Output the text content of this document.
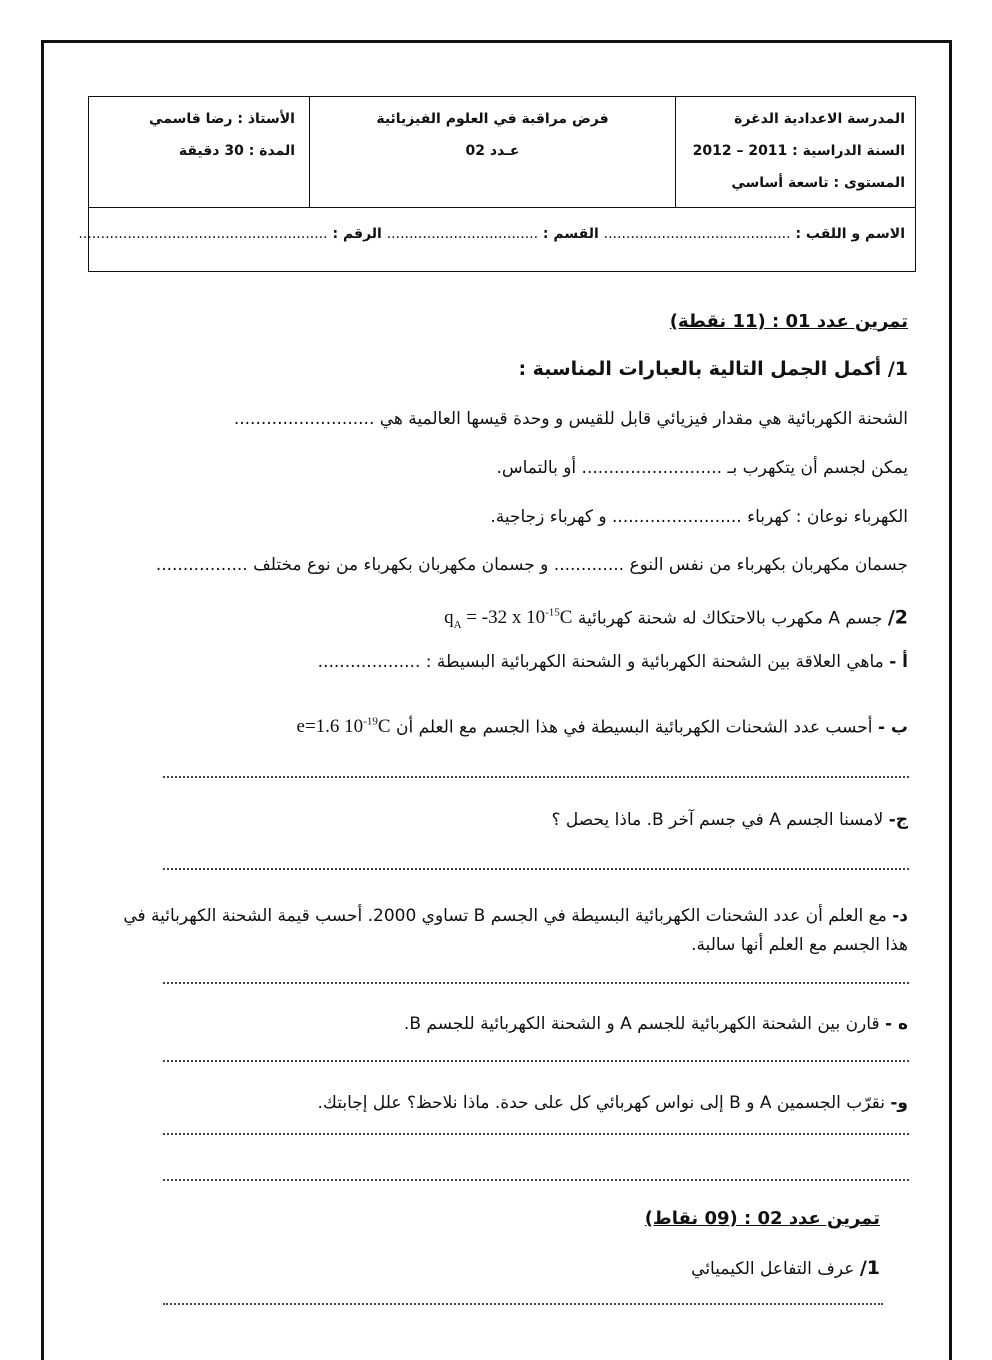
المدرسة الاعدادية الدغرة
السنة الدراسية : 2011 – 2012
المستوى : تاسعة أساسي
فرض مراقبة في العلوم الفيزيائية
عـدد 02
الأستاذ : رضا قاسمي
المدة : 30 دقيقة
الاسم و اللقب : .......................................... القسم : .................................. الرقم : ........................................................
تمرين عدد 01 : (11 نقطة)
1/ أكمل الجمل التالية بالعبارات المناسبة :
الشحنة الكهربائية هي مقدار فيزيائي قابل للقيس و وحدة قيسها العالمية هي ..........................
يمكن لجسم أن يتكهرب بـ .......................... أو بالتماس.
الكهرباء نوعان : كهرباء ........................ و كهرباء زجاجية.
جسمان مكهربان بكهرباء من نفس النوع ............. و جسمان مكهربان بكهرباء من نوع مختلف .................
2/ جسم A مكهرب بالاحتكاك له شحنة كهربائية $q_A = -32$ x $10^{-15}C$
أ - ماهي العلاقة بين الشحنة الكهربائية و الشحنة الكهربائية البسيطة : ...................
ب - أحسب عدد الشحنات الكهربائية البسيطة في هذا الجسم مع العلم أن e=1.6 $10^{-19}C$
ج- لامسنا الجسم A في جسم آخر B. ماذا يحصل ؟
د- مع العلم أن عدد الشحنات الكهربائية البسيطة في الجسم B تساوي 2000. أحسب قيمة الشحنة الكهربائية في
هذا الجسم مع العلم أنها سالبة.
ه - قارن بين الشحنة الكهربائية للجسم A و الشحنة الكهربائية للجسم B.
و- نقرّب الجسمين A و B إلى نواس كهربائي كل على حدة. ماذا نلاحظ؟ علل إجابتك.
تمرين عدد 02 : (09 نقاط)
1/ عرف التفاعل الكيميائي
